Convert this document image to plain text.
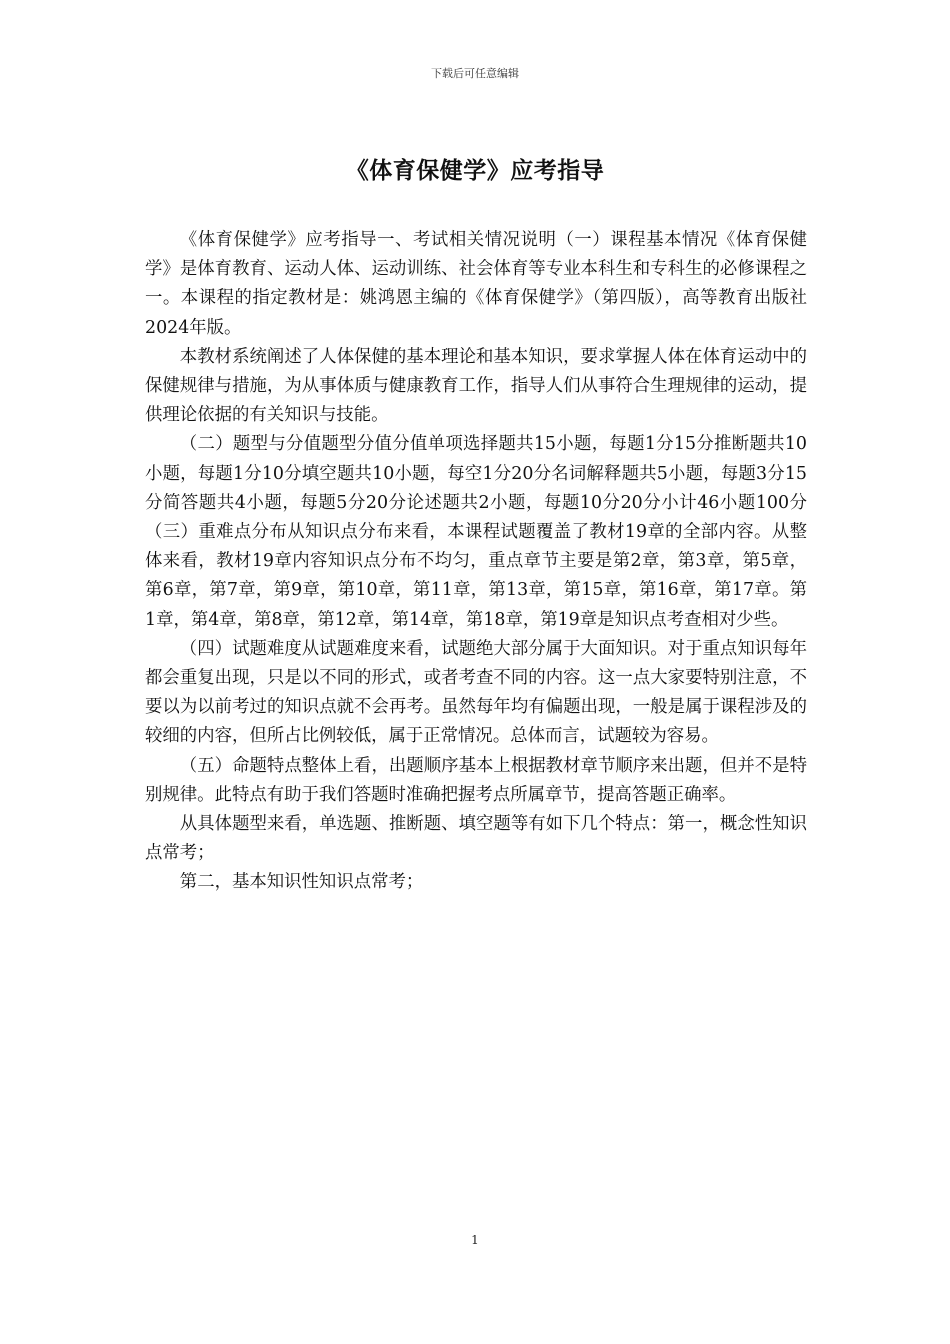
下载后可任意编辑
《体育保健学》应考指导

《体育保健学》应考指导一、考试相关情况说明（一）课程基本情况《体育保健学》是体育教育、运动人体、运动训练、社会体育等专业本科生和专科生的必修课程之一。本课程的指定教材是：姚鸿恩主编的《体育保健学》（第四版），高等教育出版社2024年版。

本教材系统阐述了人体保健的基本理论和基本知识，要求掌握人体在体育运动中的保健规律与措施，为从事体质与健康教育工作，指导人们从事符合生理规律的运动，提供理论依据的有关知识与技能。

（二）题型与分值题型分值分值单项选择题共15小题，每题1分15分推断题共10小题，每题1分10分填空题共10小题，每空1分20分名词解释题共5小题，每题3分15分简答题共4小题，每题5分20分论述题共2小题，每题10分20分小计46小题100分（三）重难点分布从知识点分布来看，本课程试题覆盖了教材19章的全部内容。从整体来看，教材19章内容知识点分布不均匀，重点章节主要是第2章，第3章，第5章，第6章，第7章，第9章，第10章，第11章，第13章，第15章，第16章，第17章。第1章，第4章，第8章，第12章，第14章，第18章，第19章是知识点考查相对少些。

（四）试题难度从试题难度来看，试题绝大部分属于大面知识。对于重点知识每年都会重复出现，只是以不同的形式，或者考查不同的内容。这一点大家要特别注意，不要以为以前考过的知识点就不会再考。虽然每年均有偏题出现，一般是属于课程涉及的较细的内容，但所占比例较低，属于正常情况。总体而言，试题较为容易。

（五）命题特点整体上看，出题顺序基本上根据教材章节顺序来出题，但并不是特别规律。此特点有助于我们答题时准确把握考点所属章节，提高答题正确率。

从具体题型来看，单选题、推断题、填空题等有如下几个特点：第一，概念性知识点常考；

第二，基本知识性知识点常考；

1
